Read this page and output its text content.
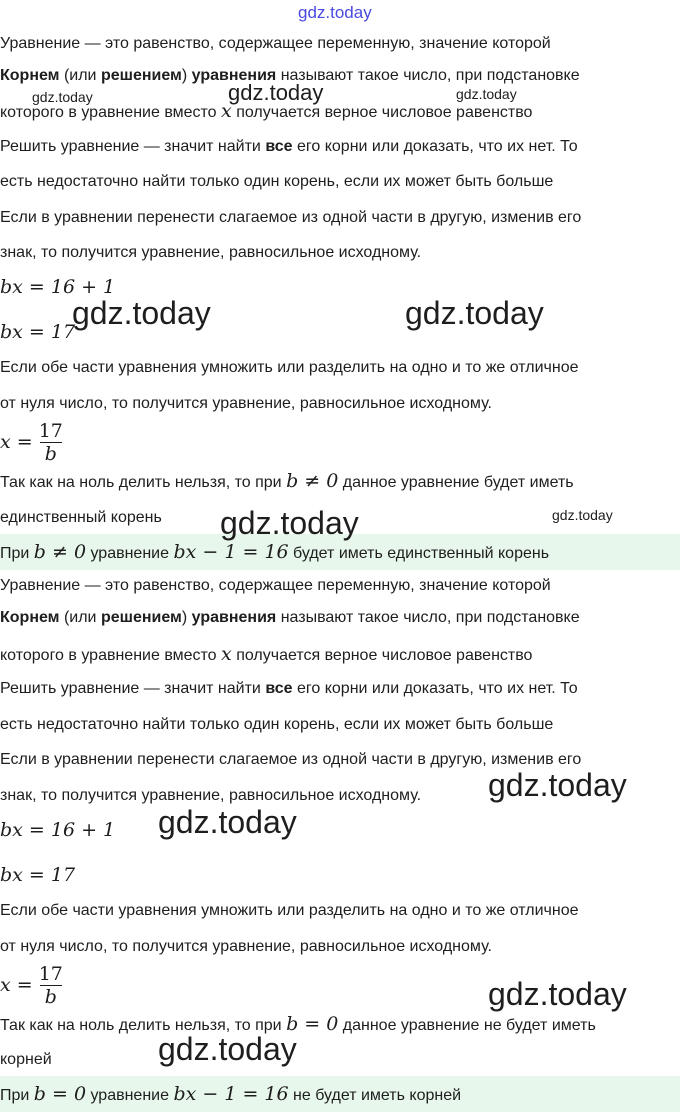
gdz.today
Уравнение — это равенство, содержащее переменную, значение которой
Корнем (или решением) уравнения называют такое число, при подстановке
которого в уравнение вместо x получается верное числовое равенство
Решить уравнение — значит найти все его корни или доказать, что их нет. То
есть недостаточно найти только один корень, если их может быть больше
Если в уравнении перенести слагаемое из одной части в другую, изменив его
знак, то получится уравнение, равносильное исходному.
bx = 16 + 1
bx = 17
Если обе части уравнения умножить или разделить на одно и то же отличное
от нуля число, то получится уравнение, равносильное исходному.
$x = \frac{17}{b}$
Так как на ноль делить нельзя, то при b ≠ 0 данное уравнение будет иметь
единственный корень
При b ≠ 0 уравнение bx − 1 = 16 будет иметь единственный корень
Уравнение — это равенство, содержащее переменную, значение которой
Корнем (или решением) уравнения называют такое число, при подстановке
которого в уравнение вместо x получается верное числовое равенство
Решить уравнение — значит найти все его корни или доказать, что их нет. То
есть недостаточно найти только один корень, если их может быть больше
Если в уравнении перенести слагаемое из одной части в другую, изменив его
знак, то получится уравнение, равносильное исходному.
bx = 16 + 1
bx = 17
Если обе части уравнения умножить или разделить на одно и то же отличное
от нуля число, то получится уравнение, равносильное исходному.
$x = \frac{17}{b}$
Так как на ноль делить нельзя, то при b = 0 данное уравнение не будет иметь
корней
При b = 0 уравнение bx − 1 = 16 не будет иметь корней
gdz.today	gdz.today	gdz.today
gdz.today	gdz.today
gdz.today	gdz.today
gdz.today
gdz.today
gdz.today
gdz.today
